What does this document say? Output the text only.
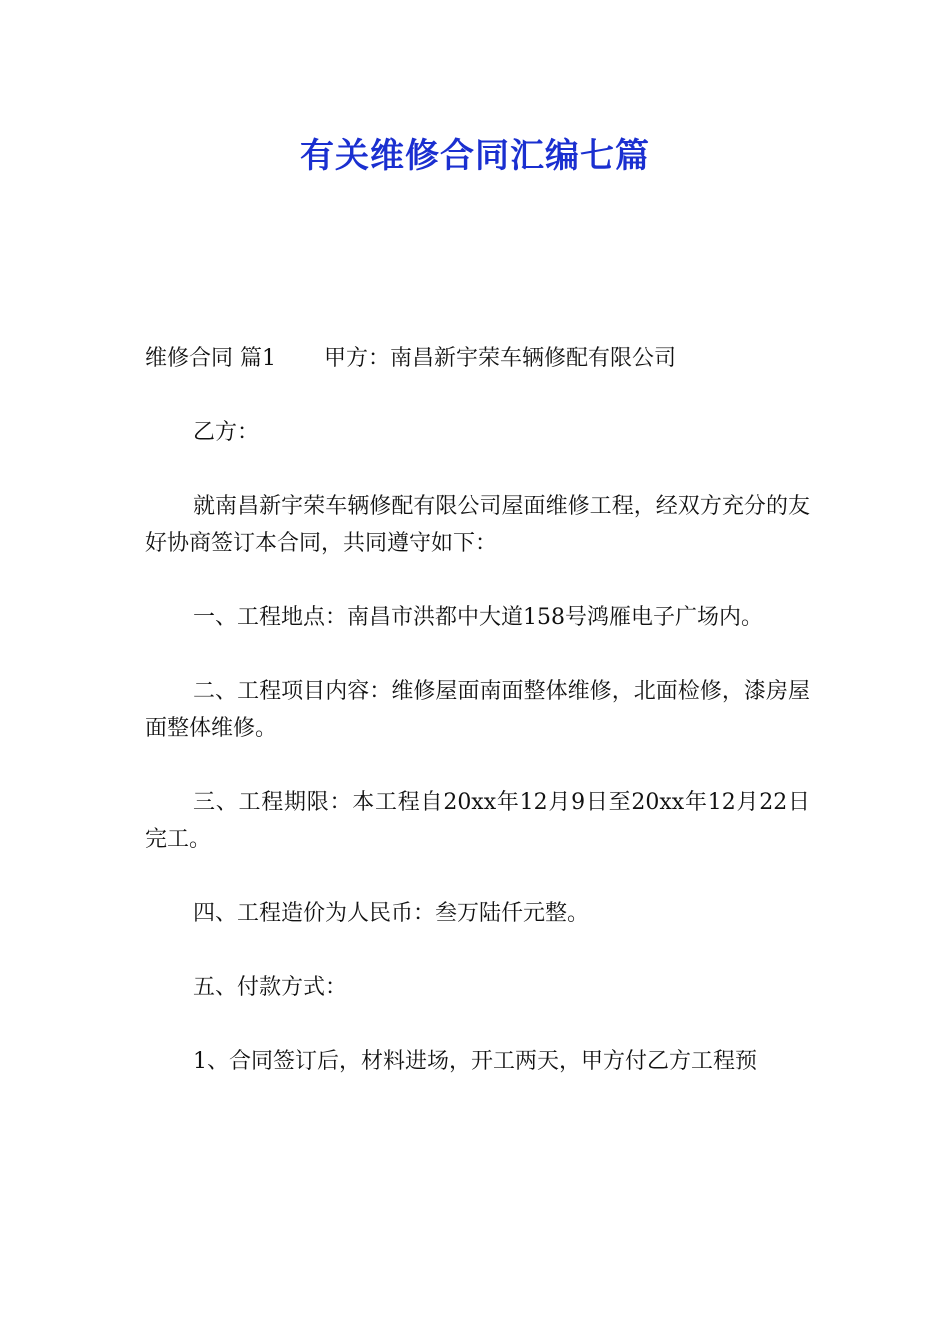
有关维修合同汇编七篇

维修合同 篇1 甲方：南昌新宇荣车辆修配有限公司

乙方：

就南昌新宇荣车辆修配有限公司屋面维修工程，经双方充分的友好协商签订本合同，共同遵守如下：

一、工程地点：南昌市洪都中大道158号鸿雁电子广场内。

二、工程项目内容：维修屋面南面整体维修，北面检修，漆房屋面整体维修。

三、工程期限：本工程自20xx年12月9日至20xx年12月22日完工。

四、工程造价为人民币：叁万陆仟元整。

五、付款方式：

1、合同签订后，材料进场，开工两天，甲方付乙方工程预
